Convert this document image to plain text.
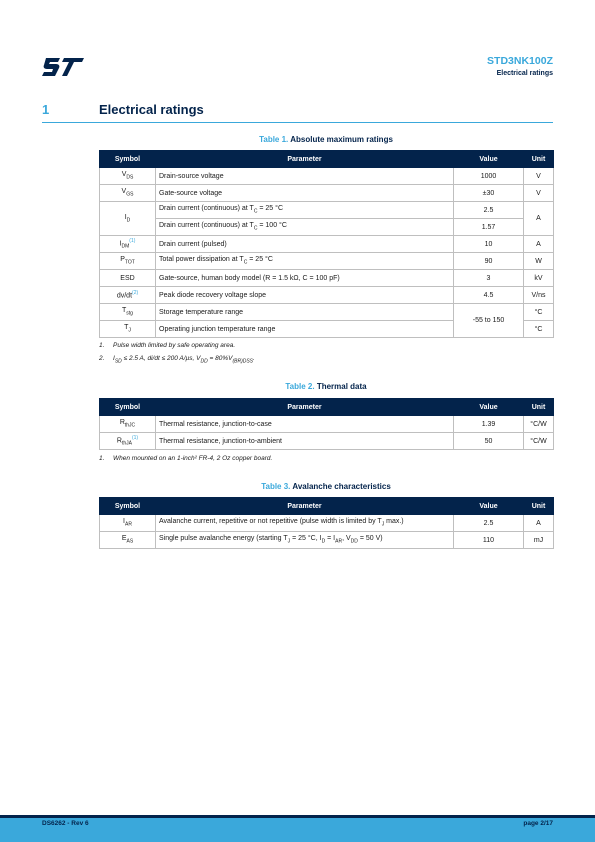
STD3NK100Z
Electrical ratings
1	Electrical ratings
Table 1. Absolute maximum ratings
Symbol	Parameter	Value	Unit
$V_{DS}$	Drain-source voltage	1000	V
$V_{GS}$	Gate-source voltage	±30	V
$I_D$	Drain current (continuous) at $T_C = 25$ °C	2.5	A
	Drain current (continuous) at $T_C = 100$ °C	1.57	
$I_{DM}^{(1)}$	Drain current (pulsed)	10	A
$P_{TOT}$	Total power dissipation at $T_C = 25$ °C	90	W
ESD	Gate-source, human body model (R = 1.5 kΩ, C = 100 pF)	3	kV
$dv/dt^{(2)}$	Peak diode recovery voltage slope	4.5	V/ns
$T_{stg}$	Storage temperature range	-55 to 150	°C
$T_J$	Operating junction temperature range		°C
1. Pulse width limited by safe operating area.
2. $I_{SD} \le 2.5$ A, di/dt ≤ 200 A/µs, $V_{DD} = 80\%V_{(BR)DSS}$.
Table 2. Thermal data
Symbol	Parameter	Value	Unit
$R_{thJC}$	Thermal resistance, junction-to-case	1.39	°C/W
$R_{thJA}^{(1)}$	Thermal resistance, junction-to-ambient	50	°C/W
1. When mounted on an 1-inch² FR-4, 2 Oz copper board.
Table 3. Avalanche characteristics
Symbol	Parameter	Value	Unit
$I_{AR}$	Avalanche current, repetitive or not repetitive (pulse width is limited by $T_J$ max.)	2.5	A
$E_{AS}$	Single pulse avalanche energy (starting $T_J = 25$ °C, $I_D = I_{AR}$, $V_{DD} = 50$ V)	110	mJ
DS6262 - Rev 6	page 2/17
